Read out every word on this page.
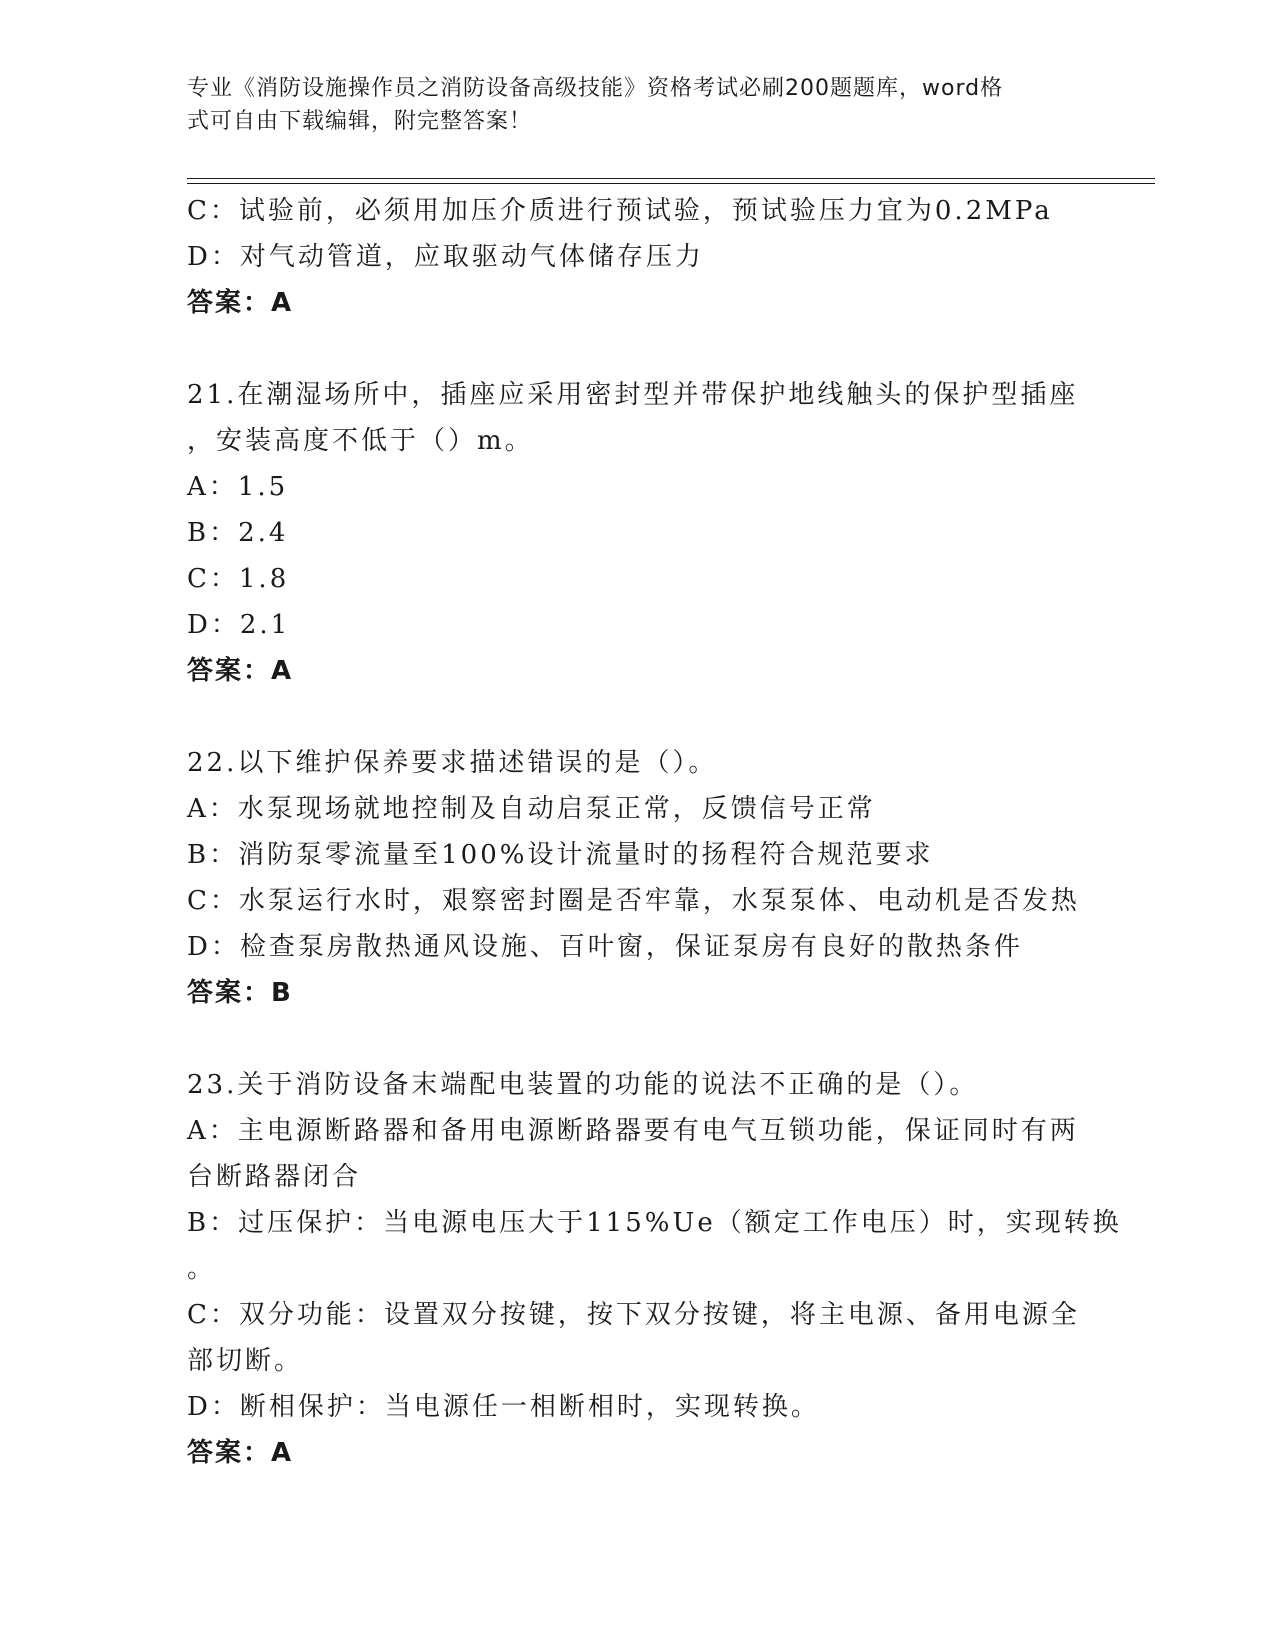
专业《消防设施操作员之消防设备高级技能》资格考试必刷200题题库，word格
式可自由下载编辑，附完整答案！
C：试验前，必须用加压介质进行预试验，预试验压力宜为0.2MPa
D：对气动管道，应取驱动气体储存压力
答案：A
21.在潮湿场所中，插座应采用密封型并带保护地线触头的保护型插座
，安装高度不低于（）m。
A：1.5
B：2.4
C：1.8
D：2.1
答案：A
22.以下维护保养要求描述错误的是（）。
A：水泵现场就地控制及自动启泵正常，反馈信号正常
B：消防泵零流量至100%设计流量时的扬程符合规范要求
C：水泵运行水时，艰察密封圈是否牢靠，水泵泵体、电动机是否发热
D：检查泵房散热通风设施、百叶窗，保证泵房有良好的散热条件
答案：B
23.关于消防设备末端配电装置的功能的说法不正确的是（）。
A：主电源断路器和备用电源断路器要有电气互锁功能，保证同时有两
台断路器闭合
B：过压保护：当电源电压大于115%Ue（额定工作电压）时，实现转换
。
C：双分功能：设置双分按键，按下双分按键，将主电源、备用电源全
部切断。
D：断相保护：当电源任一相断相时，实现转换。
答案：A
